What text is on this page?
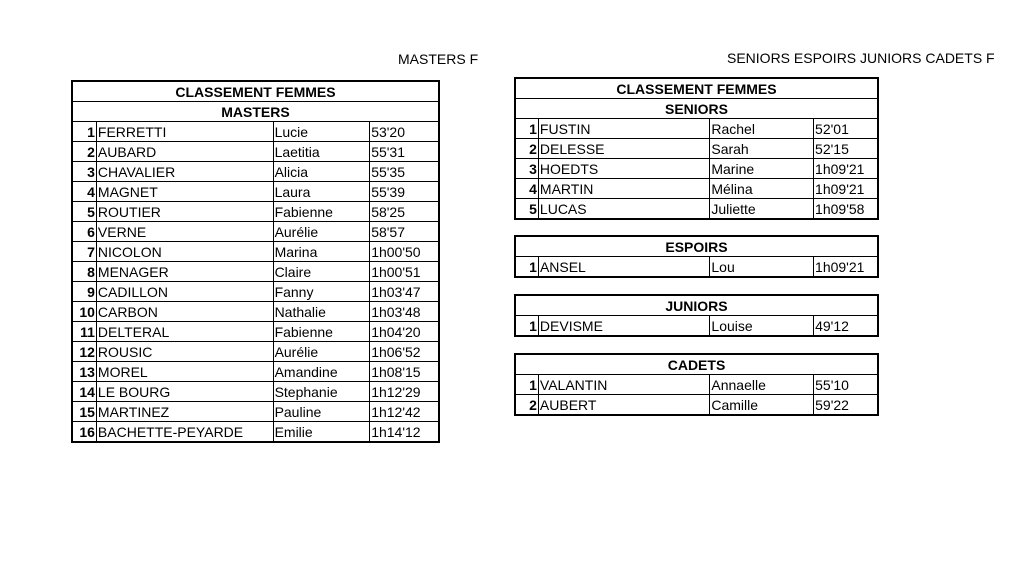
MASTERS F	SENIORS ESPOIRS JUNIORS CADETS F
CLASSEMENT FEMMES			
MASTERS			
1	FERRETTI	Lucie	53'20
2	AUBARD	Laetitia	55'31
3	CHAVALIER	Alicia	55'35
4	MAGNET	Laura	55'39
5	ROUTIER	Fabienne	58'25
6	VERNE	Aurélie	58'57
7	NICOLON	Marina	1h00'50
8	MENAGER	Claire	1h00'51
9	CADILLON	Fanny	1h03'47
10	CARBON	Nathalie	1h03'48
11	DELTERAL	Fabienne	1h04'20
12	ROUSIC	Aurélie	1h06'52
13	MOREL	Amandine	1h08'15
14	LE BOURG	Stephanie	1h12'29
15	MARTINEZ	Pauline	1h12'42
16	BACHETTE-PEYARDE	Emilie	1h14'12
CLASSEMENT FEMMES			
SENIORS			
1	FUSTIN	Rachel	52'01
2	DELESSE	Sarah	52'15
3	HOEDTS	Marine	1h09'21
4	MARTIN	Mélina	1h09'21
5	LUCAS	Juliette	1h09'58
ESPOIRS
1	ANSEL	Lou	1h09'21
JUNIORS
1	DEVISME	Louise	49'12
CADETS			
1	VALANTIN	Annaelle	55'10
2	AUBERT	Camille	59'22
